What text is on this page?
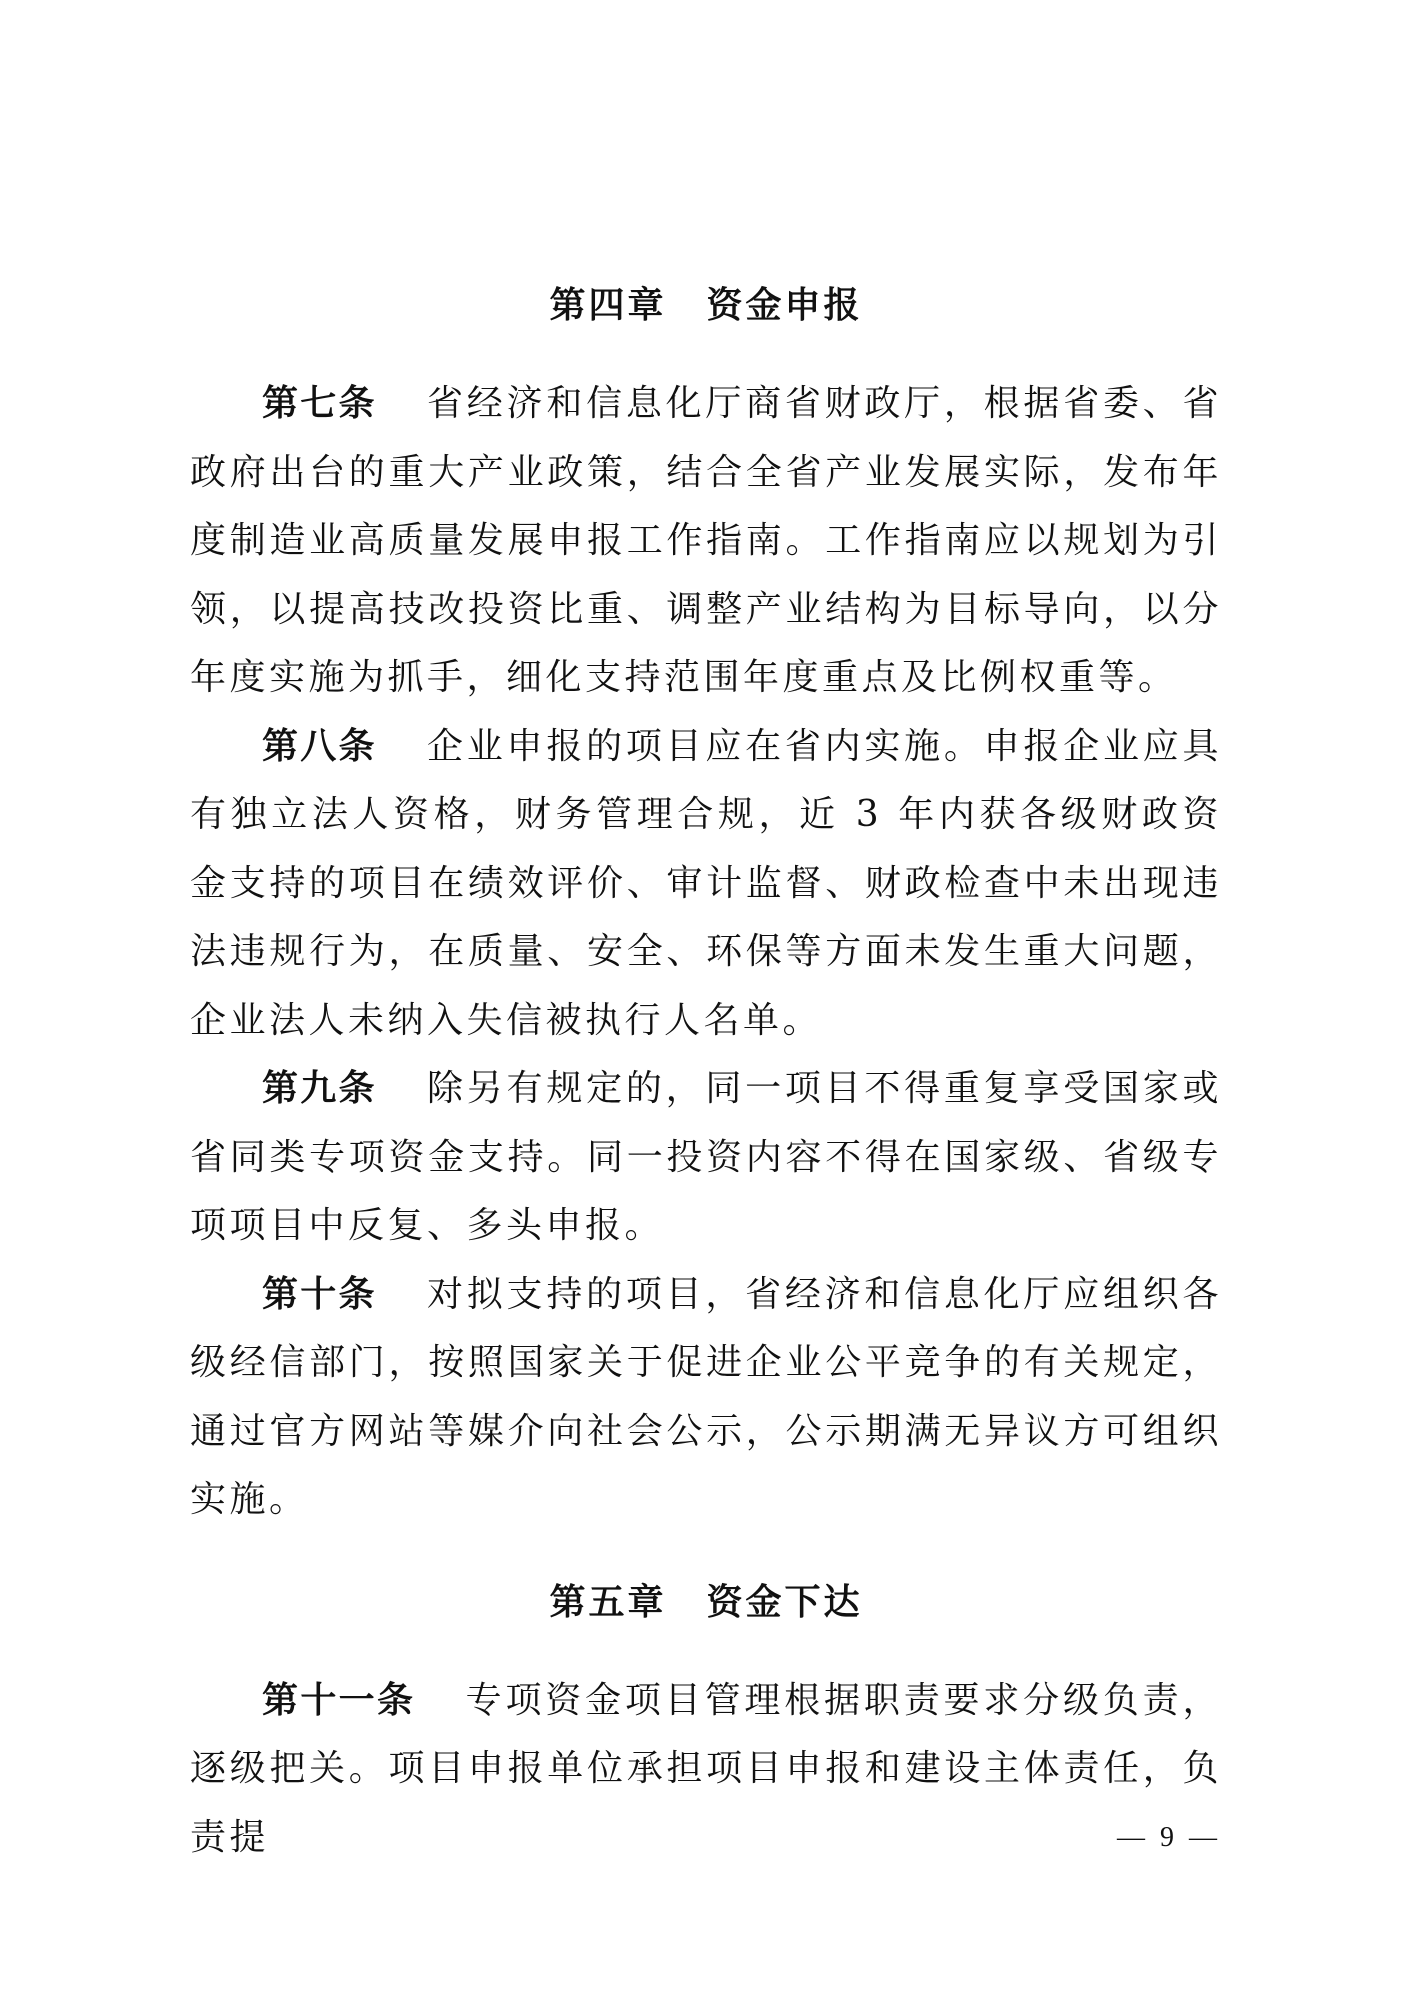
第四章 资金申报

第七条 省经济和信息化厅商省财政厅，根据省委、省政府出台的重大产业政策，结合全省产业发展实际，发布年度制造业高质量发展申报工作指南。工作指南应以规划为引领，以提高技改投资比重、调整产业结构为目标导向，以分年度实施为抓手，细化支持范围年度重点及比例权重等。

第八条 企业申报的项目应在省内实施。申报企业应具有独立法人资格，财务管理合规，近 3 年内获各级财政资金支持的项目在绩效评价、审计监督、财政检查中未出现违法违规行为，在质量、安全、环保等方面未发生重大问题，企业法人未纳入失信被执行人名单。

第九条 除另有规定的，同一项目不得重复享受国家或省同类专项资金支持。同一投资内容不得在国家级、省级专项项目中反复、多头申报。

第十条 对拟支持的项目，省经济和信息化厅应组织各级经信部门，按照国家关于促进企业公平竞争的有关规定，通过官方网站等媒介向社会公示，公示期满无异议方可组织实施。

第五章 资金下达

第十一条 专项资金项目管理根据职责要求分级负责，逐级把关。项目申报单位承担项目申报和建设主体责任，负责提	— 9 —
